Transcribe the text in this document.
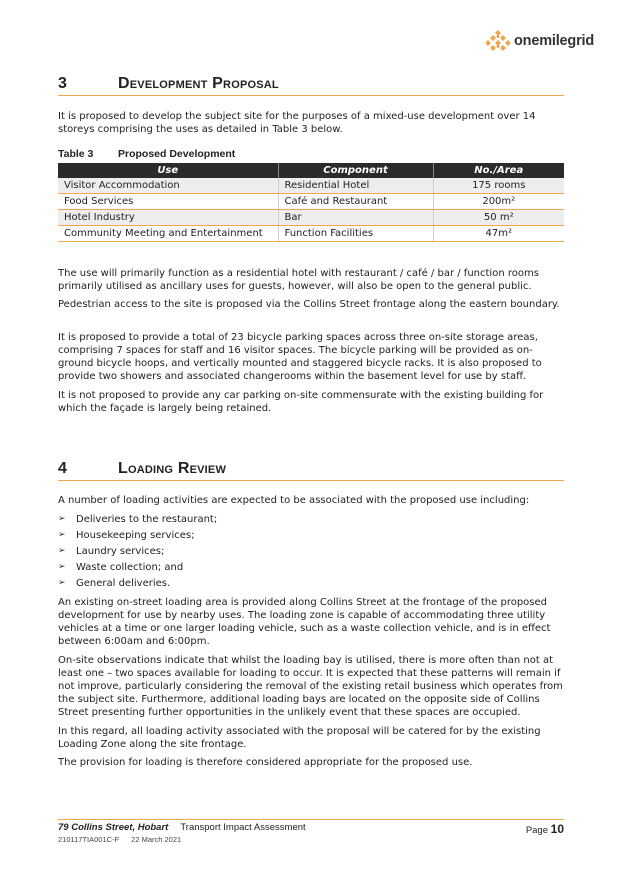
onemilegrid
3	Development Proposal

It is proposed to develop the subject site for the purposes of a mixed-use development over 14 storeys comprising the uses as detailed in Table 3 below.

Table 3 Proposed Development
Use	Component	No./Area
Visitor Accommodation	Residential Hotel	175 rooms
Food Services	Café and Restaurant	200m²
Hotel Industry	Bar	50 m²
Community Meeting and Entertainment	Function Facilities	47m²

The use will primarily function as a residential hotel with restaurant / café / bar / function rooms primarily utilised as ancillary uses for guests, however, will also be open to the general public.

Pedestrian access to the site is proposed via the Collins Street frontage along the eastern boundary.

It is proposed to provide a total of 23 bicycle parking spaces across three on-site storage areas, comprising 7 spaces for staff and 16 visitor spaces. The bicycle parking will be provided as on-ground bicycle hoops, and vertically mounted and staggered bicycle racks. It is also proposed to provide two showers and associated changerooms within the basement level for use by staff.

It is not proposed to provide any car parking on-site commensurate with the existing building for which the façade is largely being retained.

4	Loading Review

A number of loading activities are expected to be associated with the proposed use including:

➢	Deliveries to the restaurant;
➢	Housekeeping services;
➢	Laundry services;
➢	Waste collection; and
➢	General deliveries.

An existing on-street loading area is provided along Collins Street at the frontage of the proposed development for use by nearby uses. The loading zone is capable of accommodating three utility vehicles at a time or one larger loading vehicle, such as a waste collection vehicle, and is in effect between 6:00am and 6:00pm.

On-site observations indicate that whilst the loading bay is utilised, there is more often than not at least one – two spaces available for loading to occur. It is expected that these patterns will remain if not improve, particularly considering the removal of the existing retail business which operates from the subject site. Furthermore, additional loading bays are located on the opposite side of Collins Street presenting further opportunities in the unlikely event that these spaces are occupied.

In this regard, all loading activity associated with the proposal will be catered for by the existing Loading Zone along the site frontage.

The provision for loading is therefore considered appropriate for the proposed use.

79 Collins Street, Hobart Transport Impact Assessment
210117TIA001C-F 22 March 2021
Page 10
